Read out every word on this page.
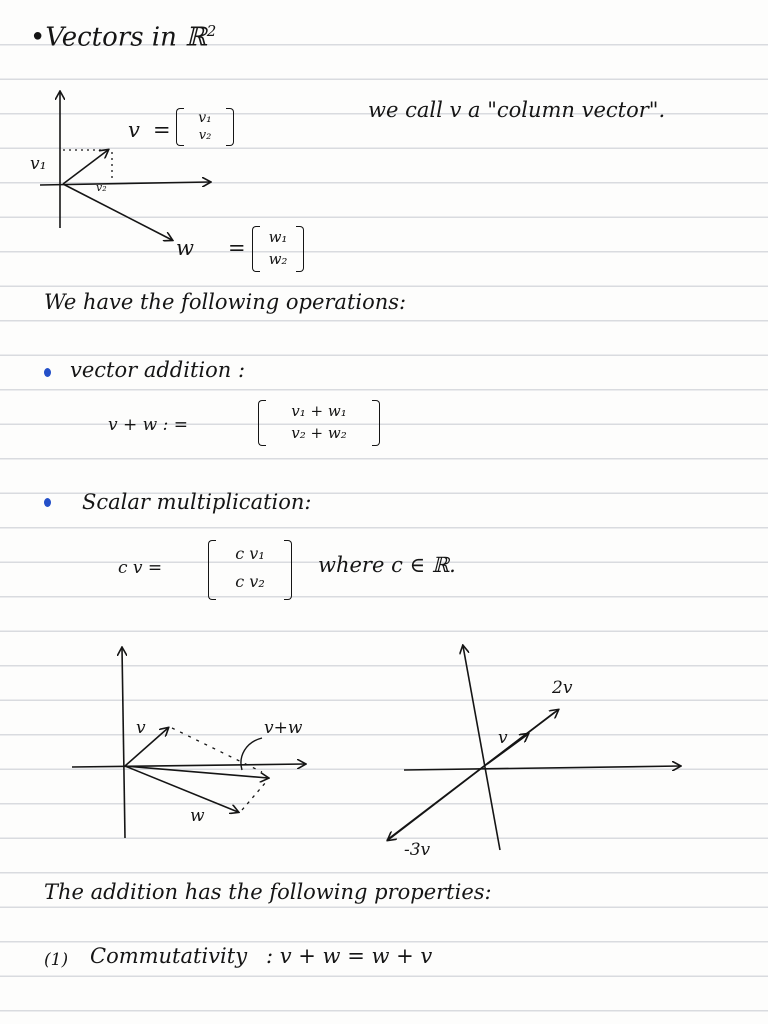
•Vectors in ℝ$^2$
v₁
v₂
v =	v₁
v₂
w =	w₁
w₂
we call v a "column vector".
We have the following operations:
vector addition :
v + w : =
v₁ + w₁
v₂ + w₂
Scalar multiplication:
c v =
c v₁
c v₂
where c ∈ ℝ.
v
w
v+w	v
2v
-3v
The addition has the following properties:
(1) Commutativity : v + w = w + v
